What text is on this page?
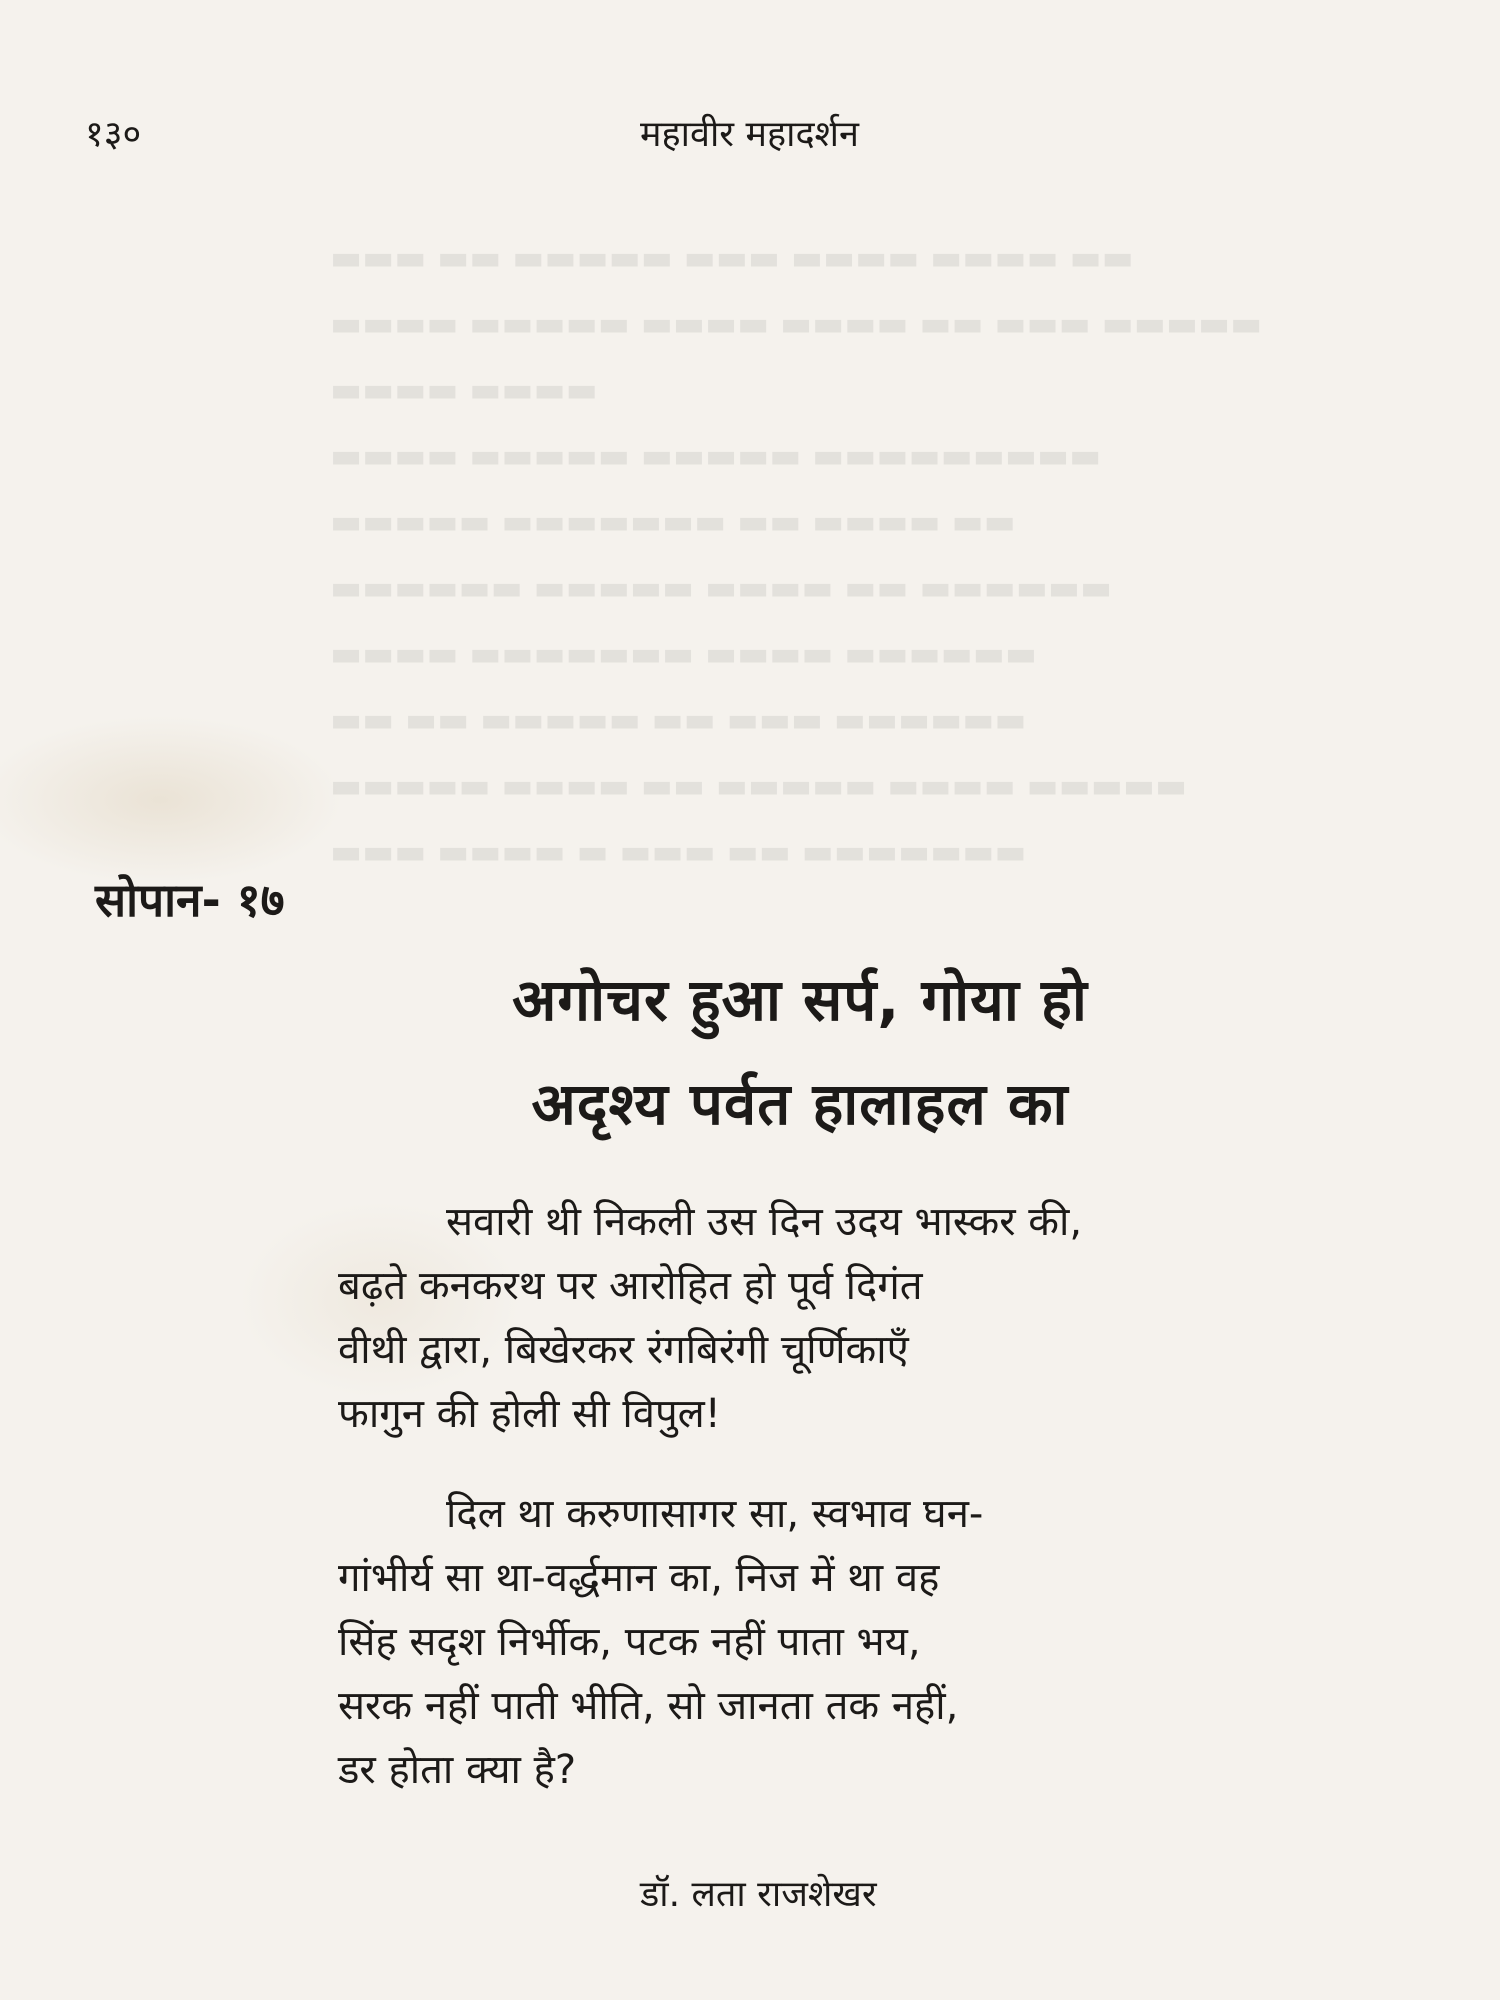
▬▬▬ ▬▬ ▬▬▬▬▬ ▬▬▬ ▬▬▬▬ ▬▬▬▬ ▬▬
▬▬▬▬ ▬▬▬▬▬ ▬▬▬▬ ▬▬▬▬ ▬▬ ▬▬▬ ▬▬▬▬▬
▬▬▬▬ ▬▬▬▬
▬▬▬▬ ▬▬▬▬▬ ▬▬▬▬▬ ▬▬▬▬▬▬▬▬▬
▬▬▬▬▬ ▬▬▬▬▬▬▬ ▬▬ ▬▬▬▬ ▬▬
▬▬▬▬▬▬ ▬▬▬▬▬ ▬▬▬▬ ▬▬ ▬▬▬▬▬▬
▬▬▬▬ ▬▬▬▬▬▬▬ ▬▬▬▬ ▬▬▬▬▬▬
▬▬ ▬▬ ▬▬▬▬▬ ▬▬ ▬▬▬ ▬▬▬▬▬▬
▬▬▬▬▬ ▬▬▬▬ ▬▬ ▬▬▬▬▬ ▬▬▬▬ ▬▬▬▬▬
▬▬▬ ▬▬▬▬ ▬ ▬▬▬ ▬▬ ▬▬▬▬▬▬▬
१३०	महावीर महादर्शन
सोपान- १७
अगोचर हुआ सर्प, गोया हो
अदृश्य पर्वत हालाहल का
सवारी थी निकली उस दिन उदय भास्कर की,
बढ़ते कनकरथ पर आरोहित हो पूर्व दिगंत
वीथी द्वारा, बिखेरकर रंगबिरंगी चूर्णिकाएँ
फागुन की होली सी विपुल!
दिल था करुणासागर सा, स्वभाव घन-
गांभीर्य सा था-वर्द्धमान का, निज में था वह
सिंह सदृश निर्भीक, पटक नहीं पाता भय,
सरक नहीं पाती भीति, सो जानता तक नहीं,
डर होता क्या है?
डॉ. लता राजशेखर
